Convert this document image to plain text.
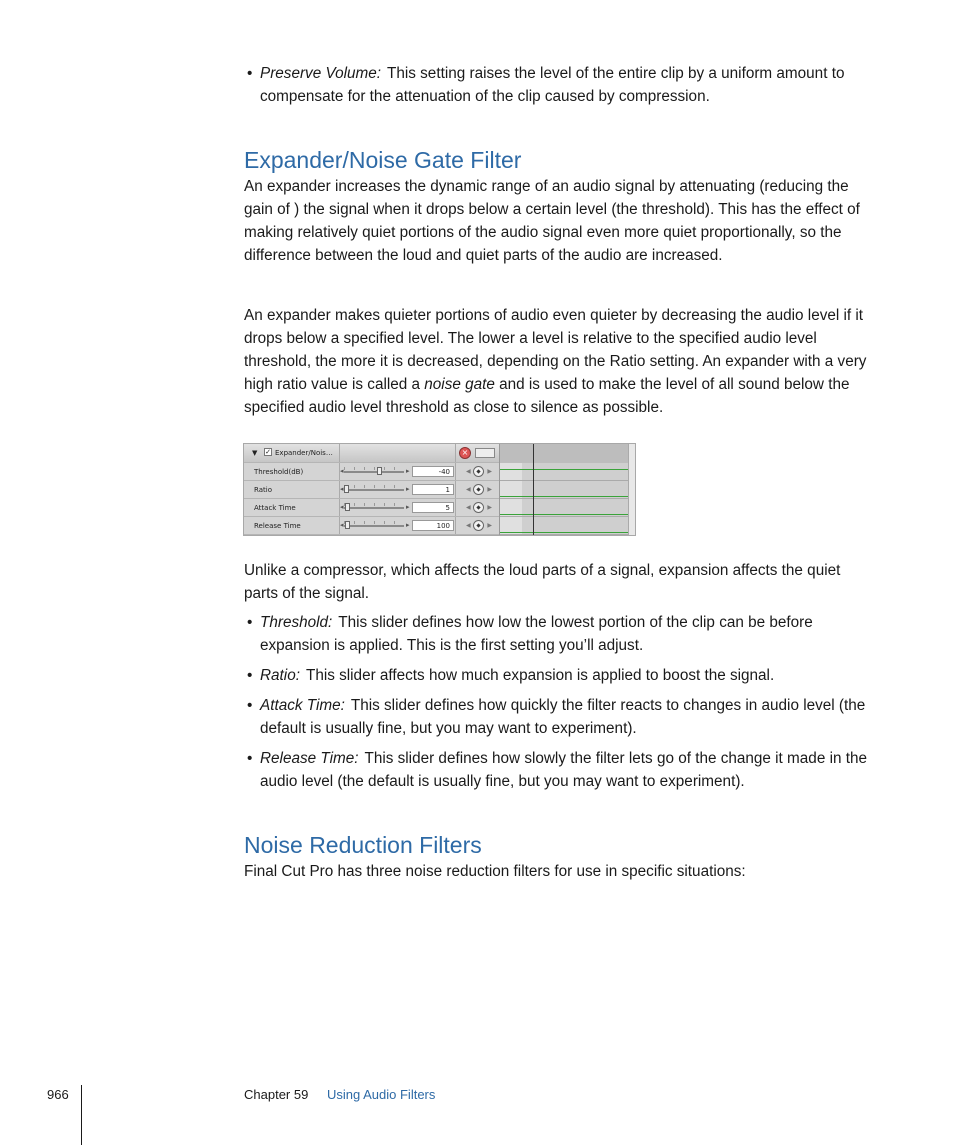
• Preserve Volume: This setting raises the level of the entire clip by a uniform amount to compensate for the attenuation of the clip caused by compression.
Expander/Noise Gate Filter
An expander increases the dynamic range of an audio signal by attenuating (reducing the gain of ) the signal when it drops below a certain level (the threshold). This has the effect of making relatively quiet portions of the audio signal even more quiet proportionally, so the difference between the loud and quiet parts of the audio are increased.
An expander makes quieter portions of audio even quieter by decreasing the audio level if it drops below a specified level. The lower a level is relative to the specified audio level threshold, the more it is decreased, depending on the Ratio setting. An expander with a very high ratio value is called a noise gate and is used to make the level of all sound below the specified audio level threshold as close to silence as possible.
▼ ✓ Expander/Nois…	×
Threshold(dB)	◂	▸	-40	◀	▶
Ratio	◂	▸	1	◀	▶
Attack Time	◂	▸	5	◀	▶
Release Time	◂	▸	100	◀	▶
Unlike a compressor, which affects the loud parts of a signal, expansion affects the quiet parts of the signal.
• Threshold: This slider defines how low the lowest portion of the clip can be before expansion is applied. This is the first setting you’ll adjust.
• Ratio: This slider affects how much expansion is applied to boost the signal.
• Attack Time: This slider defines how quickly the filter reacts to changes in audio level (the default is usually fine, but you may want to experiment).
• Release Time: This slider defines how slowly the filter lets go of the change it made in the audio level (the default is usually fine, but you may want to experiment).
Noise Reduction Filters
Final Cut Pro has three noise reduction filters for use in specific situations:
966	Chapter 59 Using Audio Filters
